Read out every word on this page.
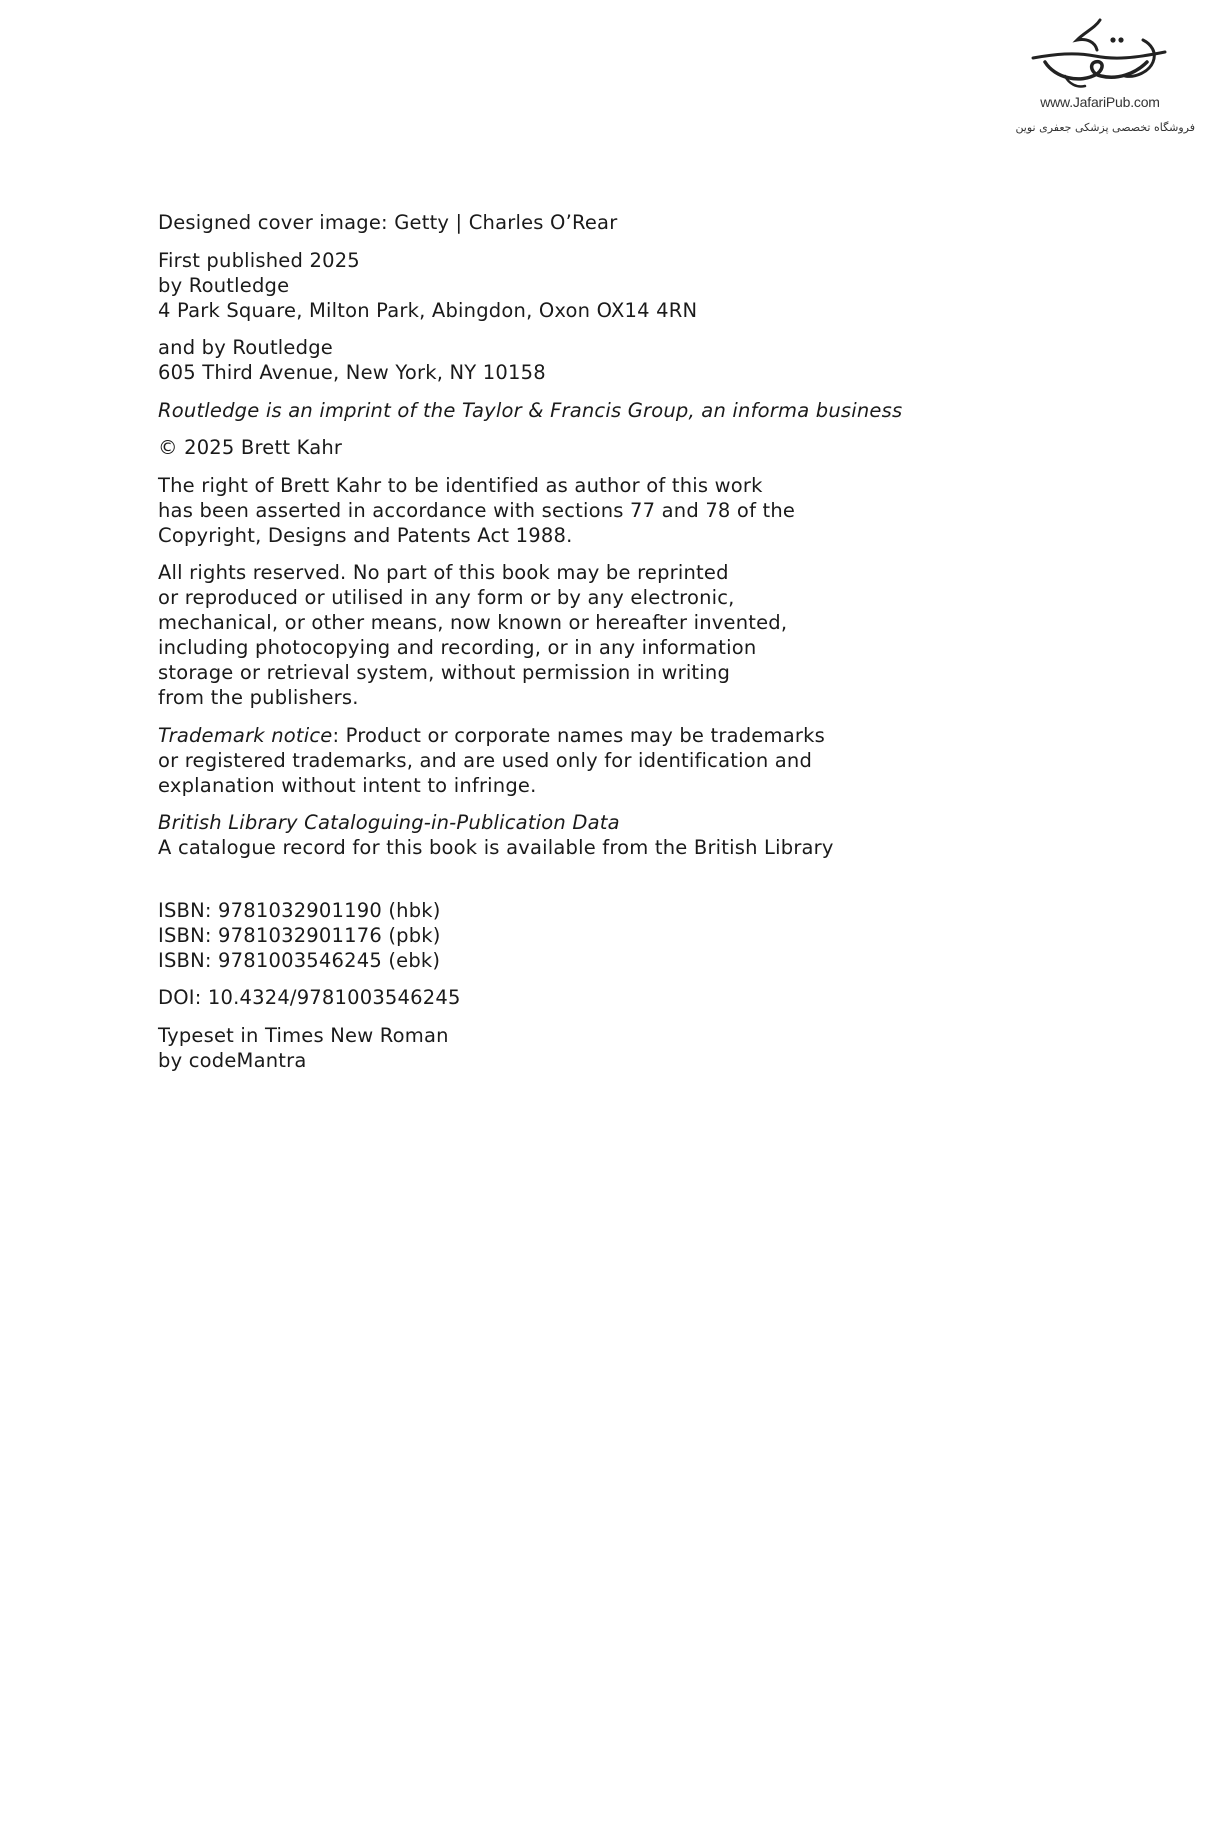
www.JafariPub.com
فروشگاه تخصصی پزشکی جعفری نوین

Designed cover image: Getty | Charles O’Rear

First published 2025
by Routledge
4 Park Square, Milton Park, Abingdon, Oxon OX14 4RN

and by Routledge
605 Third Avenue, New York, NY 10158

Routledge is an imprint of the Taylor & Francis Group, an informa business

© 2025 Brett Kahr

The right of Brett Kahr to be identified as author of this work
has been asserted in accordance with sections 77 and 78 of the
Copyright, Designs and Patents Act 1988.

All rights reserved. No part of this book may be reprinted
or reproduced or utilised in any form or by any electronic,
mechanical, or other means, now known or hereafter invented,
including photocopying and recording, or in any information
storage or retrieval system, without permission in writing
from the publishers.

Trademark notice: Product or corporate names may be trademarks
or registered trademarks, and are used only for identification and
explanation without intent to infringe.

British Library Cataloguing-in-Publication Data
A catalogue record for this book is available from the British Library

ISBN: 9781032901190 (hbk)
ISBN: 9781032901176 (pbk)
ISBN: 9781003546245 (ebk)

DOI: 10.4324/9781003546245

Typeset in Times New Roman
by codeMantra
